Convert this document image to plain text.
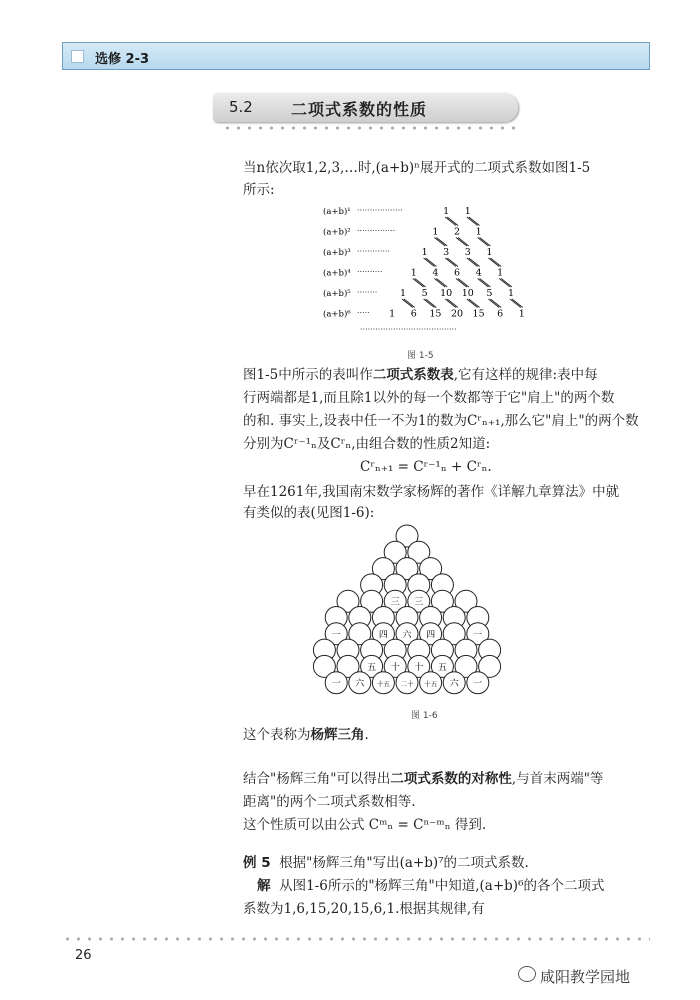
选修 2-3
5.2 二项式系数的性质
当n依次取1,2,3,…时,(a+b)ⁿ展开式的二项式系数如图1-5
所示:
(a+b)¹ ··················	1 1
(a+b)² ···············	1 2 1
(a+b)³ ·············	1 3 3 1
(a+b)⁴ ··········	1 4 6 4 1
(a+b)⁵ ········ 1 5 10 10 5 1
(a+b)⁶ ····· 1 6 15 20 15 6 1
······································
图 1-5
图1-5中所示的表叫作二项式系数表,它有这样的规律:表中每
行两端都是1,而且除1以外的每一个数都等于它"肩上"的两个数
的和. 事实上,设表中任一不为1的数为Cʳₙ₊₁,那么它"肩上"的两个数
分别为Cʳ⁻¹ₙ及Cʳₙ,由组合数的性质2知道:
Cʳₙ₊₁ = Cʳ⁻¹ₙ + Cʳₙ.
早在1261年,我国南宋数学家杨辉的著作《详解九章算法》中就
有类似的表(见图1-6):
三 三
一	四 六 四	一
五 十 十 五
一 六 十五 二十 十五 六 一
图 1-6
这个表称为杨辉三角.
结合"杨辉三角"可以得出二项式系数的对称性,与首末两端"等
距离"的两个二项式系数相等.
这个性质可以由公式 Cᵐₙ = Cⁿ⁻ᵐₙ 得到.
例 5 根据"杨辉三角"写出(a+b)⁷的二项式系数.
解 从图1-6所示的"杨辉三角"中知道,(a+b)⁶的各个二项式
系数为1,6,15,20,15,6,1.根据其规律,有
26
咸阳教学园地
